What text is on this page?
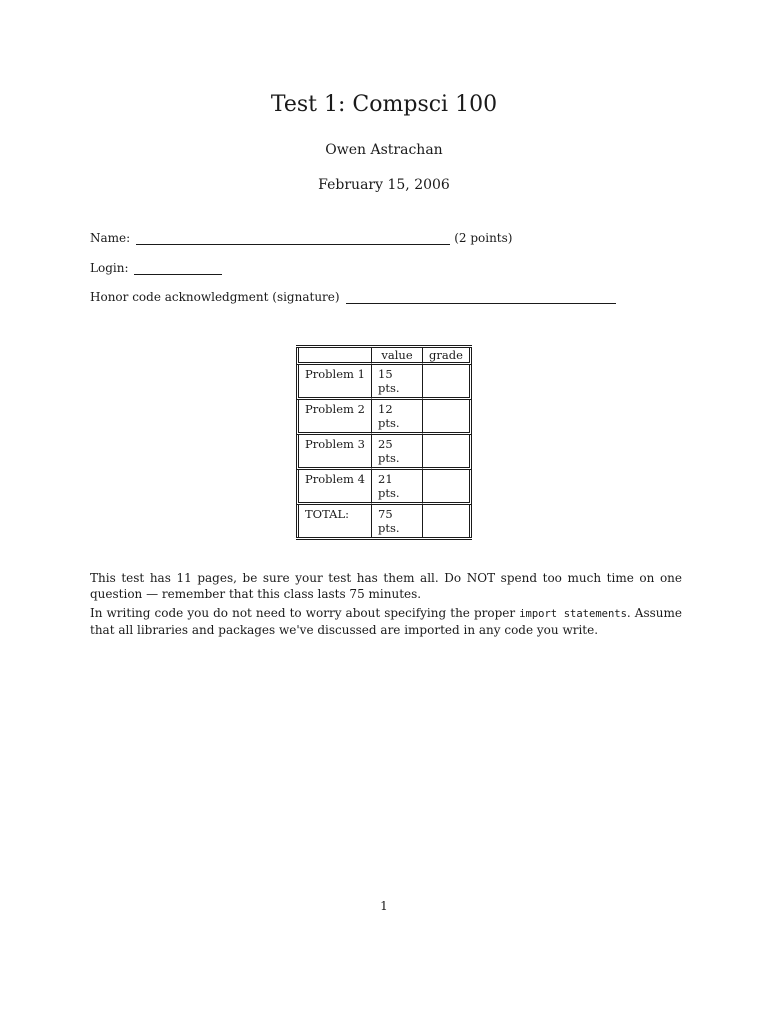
Test 1: Compsci 100
Owen Astrachan
February 15, 2006
Name:	(2 points)
Login:
Honor code acknowledgment (signature)
	value	grade
Problem 1	15 pts.	
Problem 2	12 pts.	
Problem 3	25 pts.	
Problem 4	21 pts.	
TOTAL:	75 pts.	

This test has 11 pages, be sure your test has them all. Do NOT spend too much time on one question — remember that this class lasts 75 minutes.

In writing code you do not need to worry about specifying the proper import statements. Assume that all libraries and packages we've discussed are imported in any code you write.

1
